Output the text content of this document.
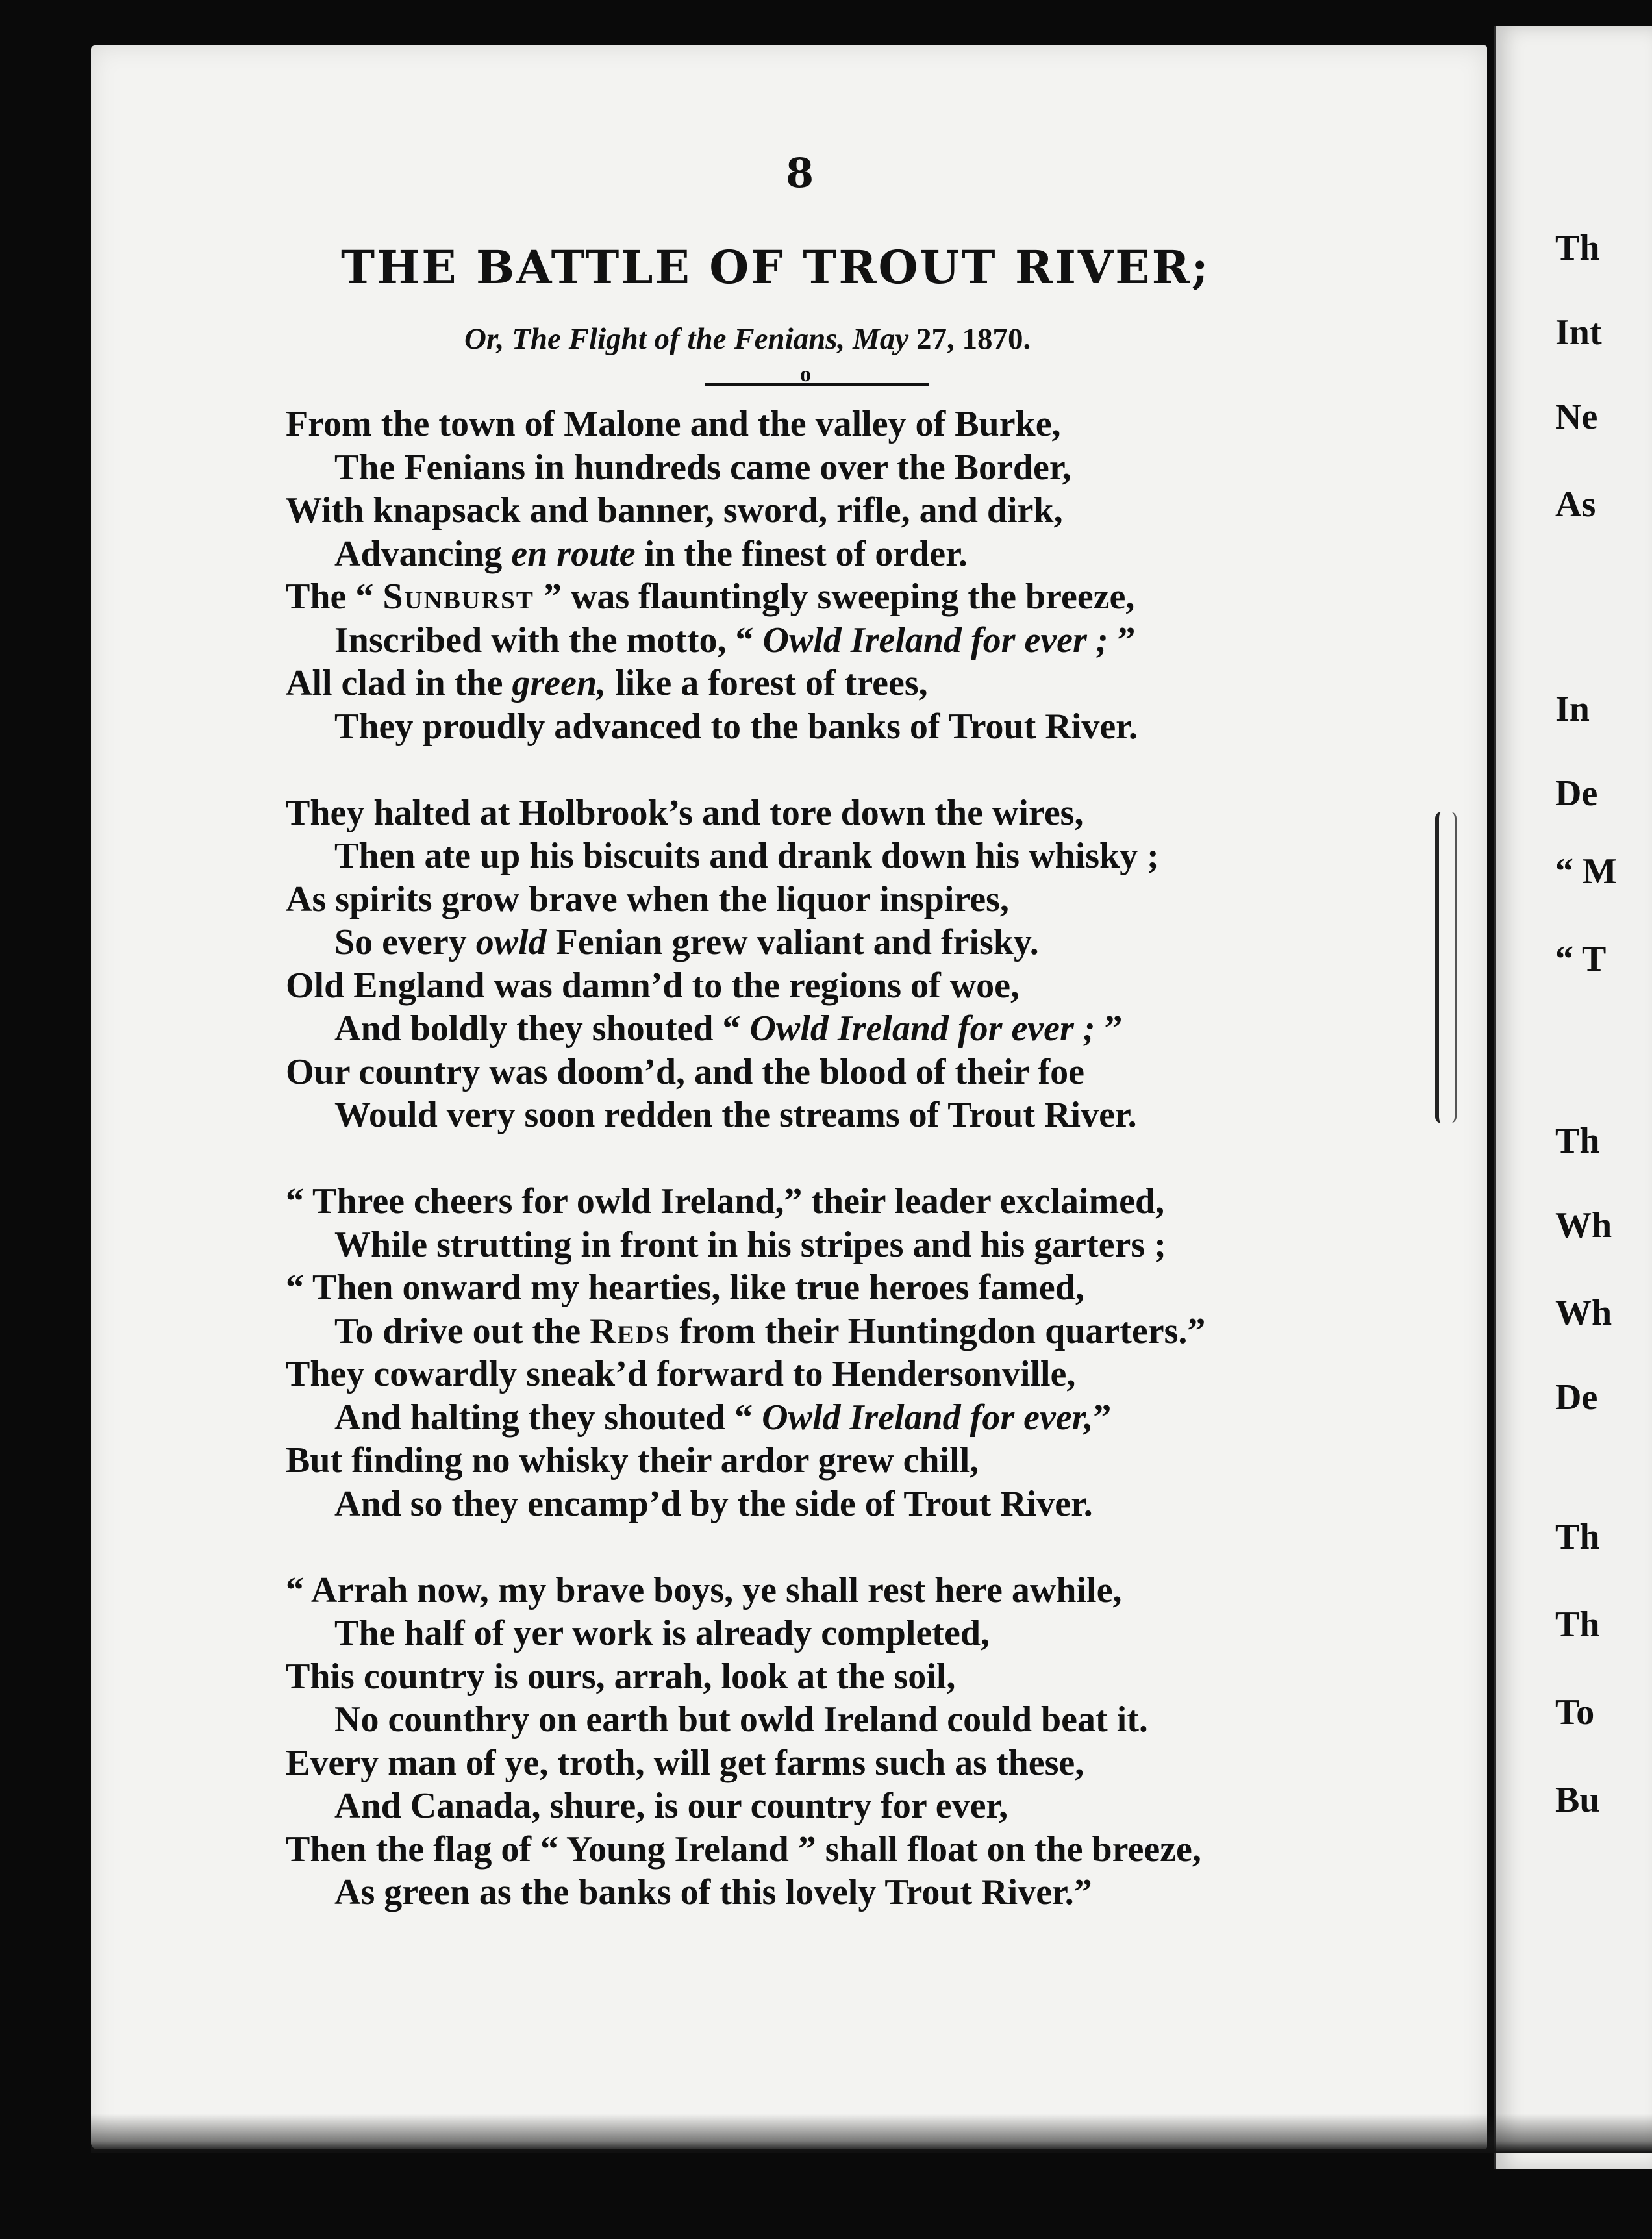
8
THE BATTLE OF TROUT RIVER;
Or, The Flight of the Fenians, May 27, 1870.
o
From the town of Malone and the valley of Burke,
The Fenians in hundreds came over the Border,
With knapsack and banner, sword, rifle, and dirk,
Advancing en route in the finest of order.
The “ Sunburst ” was flauntingly sweeping the breeze,
Inscribed with the motto, “ Owld Ireland for ever ; ”
All clad in the green, like a forest of trees,
They proudly advanced to the banks of Trout River.
They halted at Holbrook’s and tore down the wires,
Then ate up his biscuits and drank down his whisky ;
As spirits grow brave when the liquor inspires,
So every owld Fenian grew valiant and frisky.
Old England was damn’d to the regions of woe,
And boldly they shouted “ Owld Ireland for ever ; ”
Our country was doom’d, and the blood of their foe
Would very soon redden the streams of Trout River.
“ Three cheers for owld Ireland,” their leader exclaimed,
While strutting in front in his stripes and his garters ;
“ Then onward my hearties, like true heroes famed,
To drive out the Reds from their Huntingdon quarters.”
They cowardly sneak’d forward to Hendersonville,
And halting they shouted “ Owld Ireland for ever,”
But finding no whisky their ardor grew chill,
And so they encamp’d by the side of Trout River.
“ Arrah now, my brave boys, ye shall rest here awhile,
The half of yer work is already completed,
This country is ours, arrah, look at the soil,
No counthry on earth but owld Ireland could beat it.
Every man of ye, troth, will get farms such as these,
And Canada, shure, is our country for ever,
Then the flag of “ Young Ireland ” shall float on the breeze,
As green as the banks of this lovely Trout River.”
Th
Int
Ne
As
In
De
“ M
“ T
Th
Wh
Wh
De
Th
Th
To
Bu
